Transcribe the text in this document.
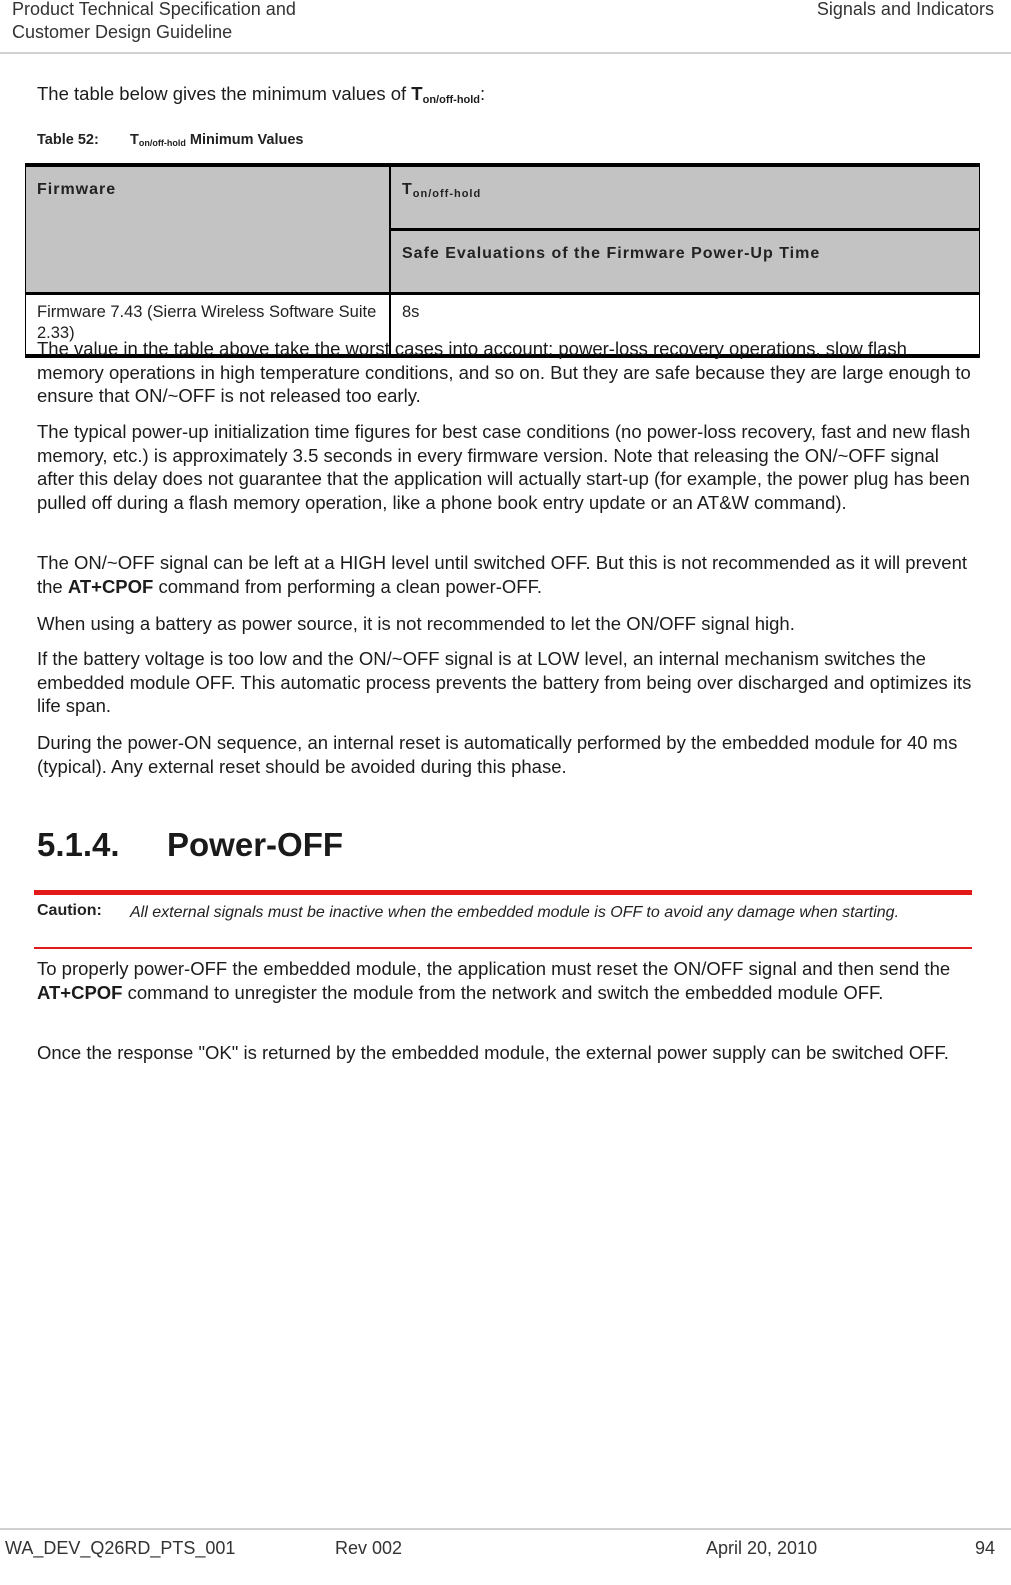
Product Technical Specification and
Customer Design Guideline
Signals and Indicators

The table below gives the minimum values of $T_{on/off-hold}$:

Table 52: $T_{on/off-hold}$ Minimum Values
Firmware	$T_{on/off-hold}$
	Safe Evaluations of the Firmware Power-Up Time
Firmware 7.43 (Sierra Wireless Software Suite 2.33)	8s

The value in the table above take the worst cases into account: power-loss recovery operations, slow flash memory operations in high temperature conditions, and so on. But they are safe because they are large enough to ensure that ON/~OFF is not released too early.

The typical power-up initialization time figures for best case conditions (no power-loss recovery, fast and new flash memory, etc.) is approximately 3.5 seconds in every firmware version. Note that releasing the ON/~OFF signal after this delay does not guarantee that the application will actually start-up (for example, the power plug has been pulled off during a flash memory operation, like a phone book entry update or an AT&W command).

The ON/~OFF signal can be left at a HIGH level until switched OFF. But this is not recommended as it will prevent the AT+CPOF command from performing a clean power-OFF.

When using a battery as power source, it is not recommended to let the ON/OFF signal high.

If the battery voltage is too low and the ON/~OFF signal is at LOW level, an internal mechanism switches the embedded module OFF. This automatic process prevents the battery from being over discharged and optimizes its life span.

During the power-ON sequence, an internal reset is automatically performed by the embedded module for 40 ms (typical). Any external reset should be avoided during this phase.

5.1.4. Power-OFF
Caution:	All external signals must be inactive when the embedded module is OFF to avoid any damage when starting.

To properly power-OFF the embedded module, the application must reset the ON/OFF signal and then send the AT+CPOF command to unregister the module from the network and switch the embedded module OFF.

Once the response "OK" is returned by the embedded module, the external power supply can be switched OFF.

WA_DEV_Q26RD_PTS_001	Rev 002	April 20, 2010	94
